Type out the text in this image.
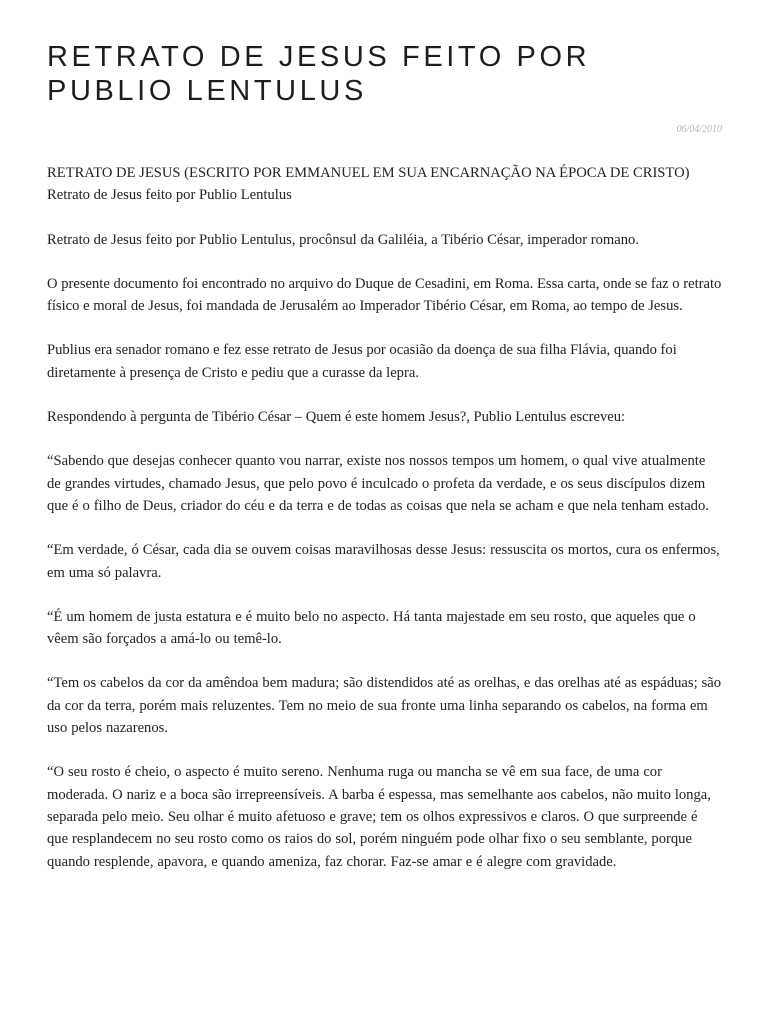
RETRATO DE JESUS FEITO POR PUBLIO LENTULUS
06/04/2010

RETRATO DE JESUS (ESCRITO POR EMMANUEL EM SUA ENCARNAÇÃO NA ÉPOCA DE CRISTO) Retrato de Jesus feito por Publio Lentulus

Retrato de Jesus feito por Publio Lentulus, procônsul da Galiléia, a Tibério César, imperador romano.

O presente documento foi encontrado no arquivo do Duque de Cesadini, em Roma. Essa carta, onde se faz o retrato físico e moral de Jesus, foi mandada de Jerusalém ao Imperador Tibério César, em Roma, ao tempo de Jesus.

Publius era senador romano e fez esse retrato de Jesus por ocasião da doença de sua filha Flávia, quando foi diretamente à presença de Cristo e pediu que a curasse da lepra.

Respondendo à pergunta de Tibério César – Quem é este homem Jesus?, Publio Lentulus escreveu:

“Sabendo que desejas conhecer quanto vou narrar, existe nos nossos tempos um homem, o qual vive atualmente de grandes virtudes, chamado Jesus, que pelo povo é inculcado o profeta da verdade, e os seus discípulos dizem que é o filho de Deus, criador do céu e da terra e de todas as coisas que nela se acham e que nela tenham estado.

“Em verdade, ó César, cada dia se ouvem coisas maravilhosas desse Jesus: ressuscita os mortos, cura os enfermos, em uma só palavra.

“É um homem de justa estatura e é muito belo no aspecto. Há tanta majestade em seu rosto, que aqueles que o vêem são forçados a amá-lo ou temê-lo.

“Tem os cabelos da cor da amêndoa bem madura; são distendidos até as orelhas, e das orelhas até as espáduas; são da cor da terra, porém mais reluzentes. Tem no meio de sua fronte uma linha separando os cabelos, na forma em uso pelos nazarenos.

“O seu rosto é cheio, o aspecto é muito sereno. Nenhuma ruga ou mancha se vê em sua face, de uma cor moderada. O nariz e a boca são irrepreensíveis. A barba é espessa, mas semelhante aos cabelos, não muito longa, separada pelo meio. Seu olhar é muito afetuoso e grave; tem os olhos expressivos e claros. O que surpreende é que resplandecem no seu rosto como os raios do sol, porém ninguém pode olhar fixo o seu semblante, porque quando resplende, apavora, e quando ameniza, faz chorar. Faz-se amar e é alegre com gravidade.
